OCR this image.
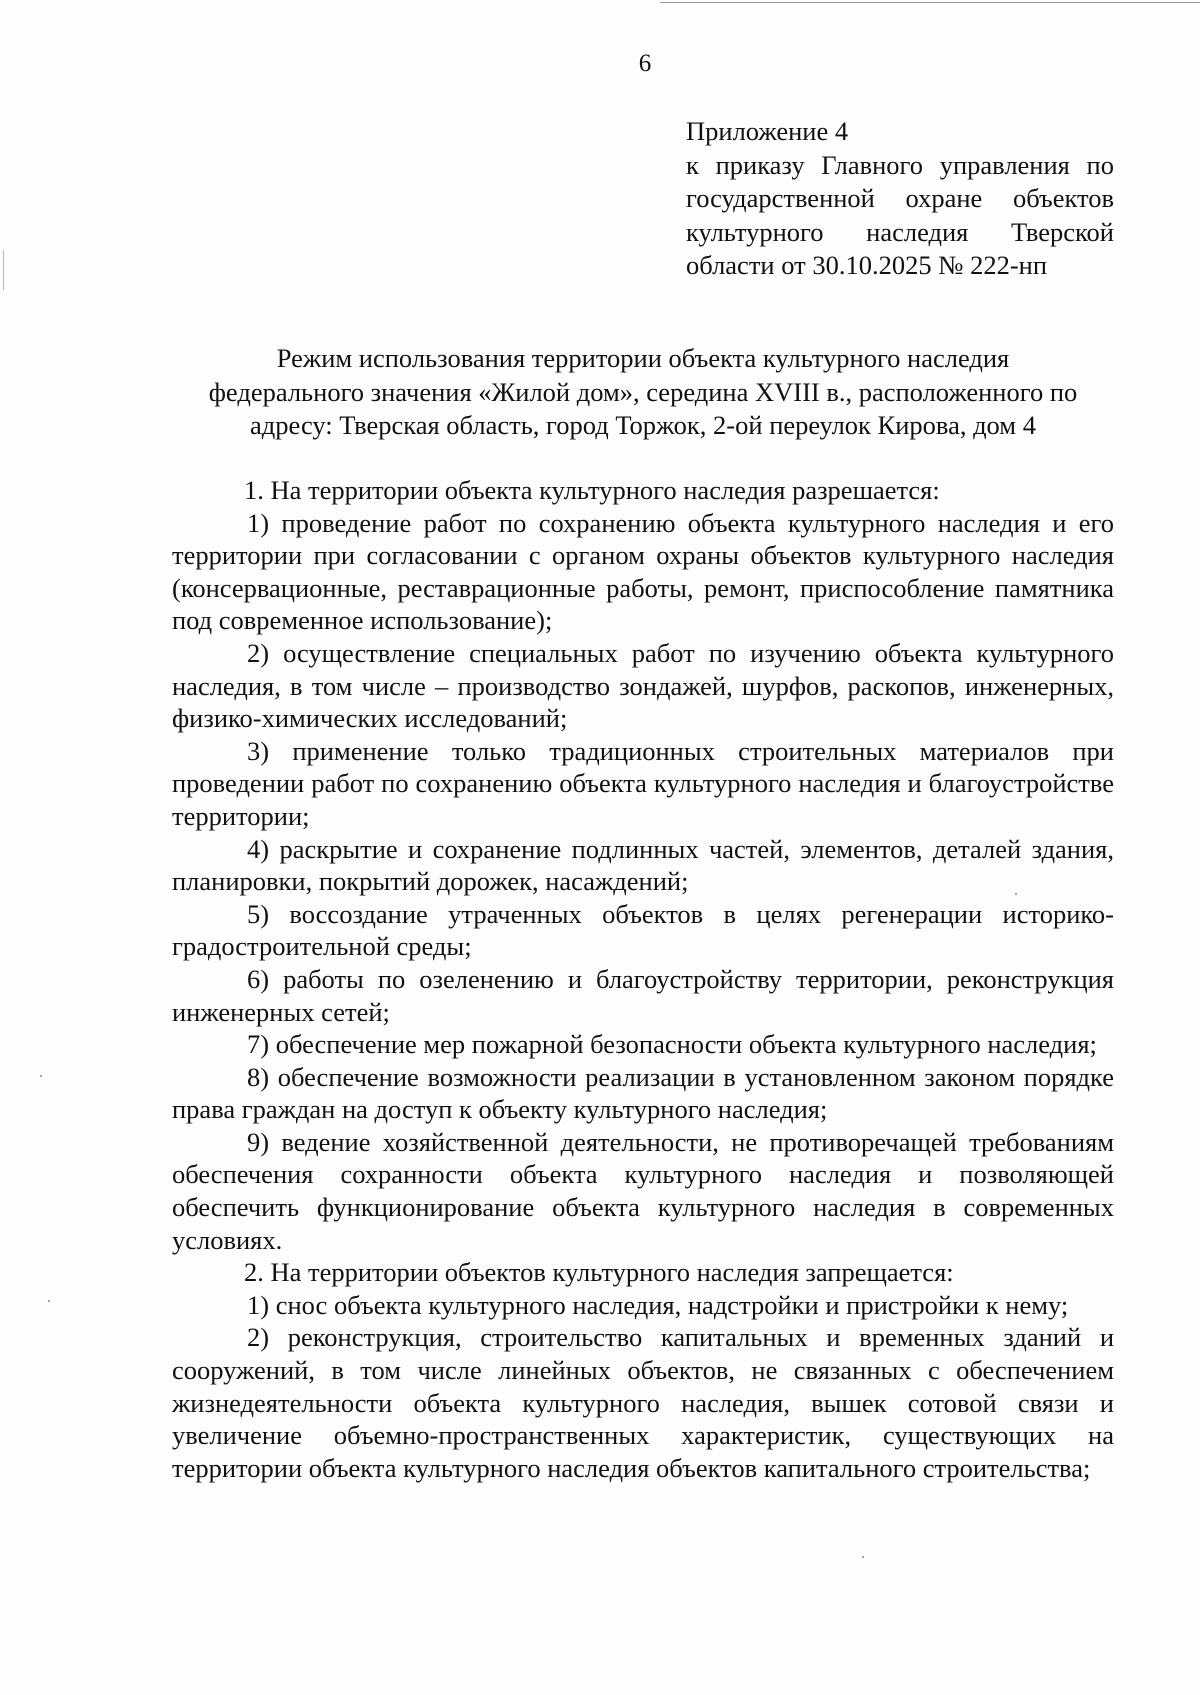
6
Приложение 4
к приказу Главного управления по
государственной охране объектов
культурного наследия Тверской
области от 30.10.2025 № 222-нп
Режим использования территории объекта культурного наследия
федерального значения «Жилой дом», середина XVIII в., расположенного по
адресу: Тверская область, город Торжок, 2-ой переулок Кирова, дом 4

1. На территории объекта культурного наследия разрешается:

1) проведение работ по сохранению объекта культурного наследия и его территории при согласовании с органом охраны объектов культурного наследия (консервационные, реставрационные работы, ремонт, приспособление памятника под современное использование);

2) осуществление специальных работ по изучению объекта культурного наследия, в том числе – производство зондажей, шурфов, раскопов, инженерных, физико-химических исследований;

3) применение только традиционных строительных материалов при проведении работ по сохранению объекта культурного наследия и благоустройстве территории;

4) раскрытие и сохранение подлинных частей, элементов, деталей здания, планировки, покрытий дорожек, насаждений;

5) воссоздание утраченных объектов в целях регенерации историко-градостроительной среды;

6) работы по озеленению и благоустройству территории, реконструкция инженерных сетей;

7) обеспечение мер пожарной безопасности объекта культурного наследия;

8) обеспечение возможности реализации в установленном законом порядке права граждан на доступ к объекту культурного наследия;

9) ведение хозяйственной деятельности, не противоречащей требованиям обеспечения сохранности объекта культурного наследия и позволяющей обеспечить функционирование объекта культурного наследия в современных условиях.

2. На территории объектов культурного наследия запрещается:

1) снос объекта культурного наследия, надстройки и пристройки к нему;

2) реконструкция, строительство капитальных и временных зданий и сооружений, в том числе линейных объектов, не связанных с обеспечением жизнедеятельности объекта культурного наследия, вышек сотовой связи и увеличение объемно-пространственных характеристик, существующих на территории объекта культурного наследия объектов капитального строительства;
